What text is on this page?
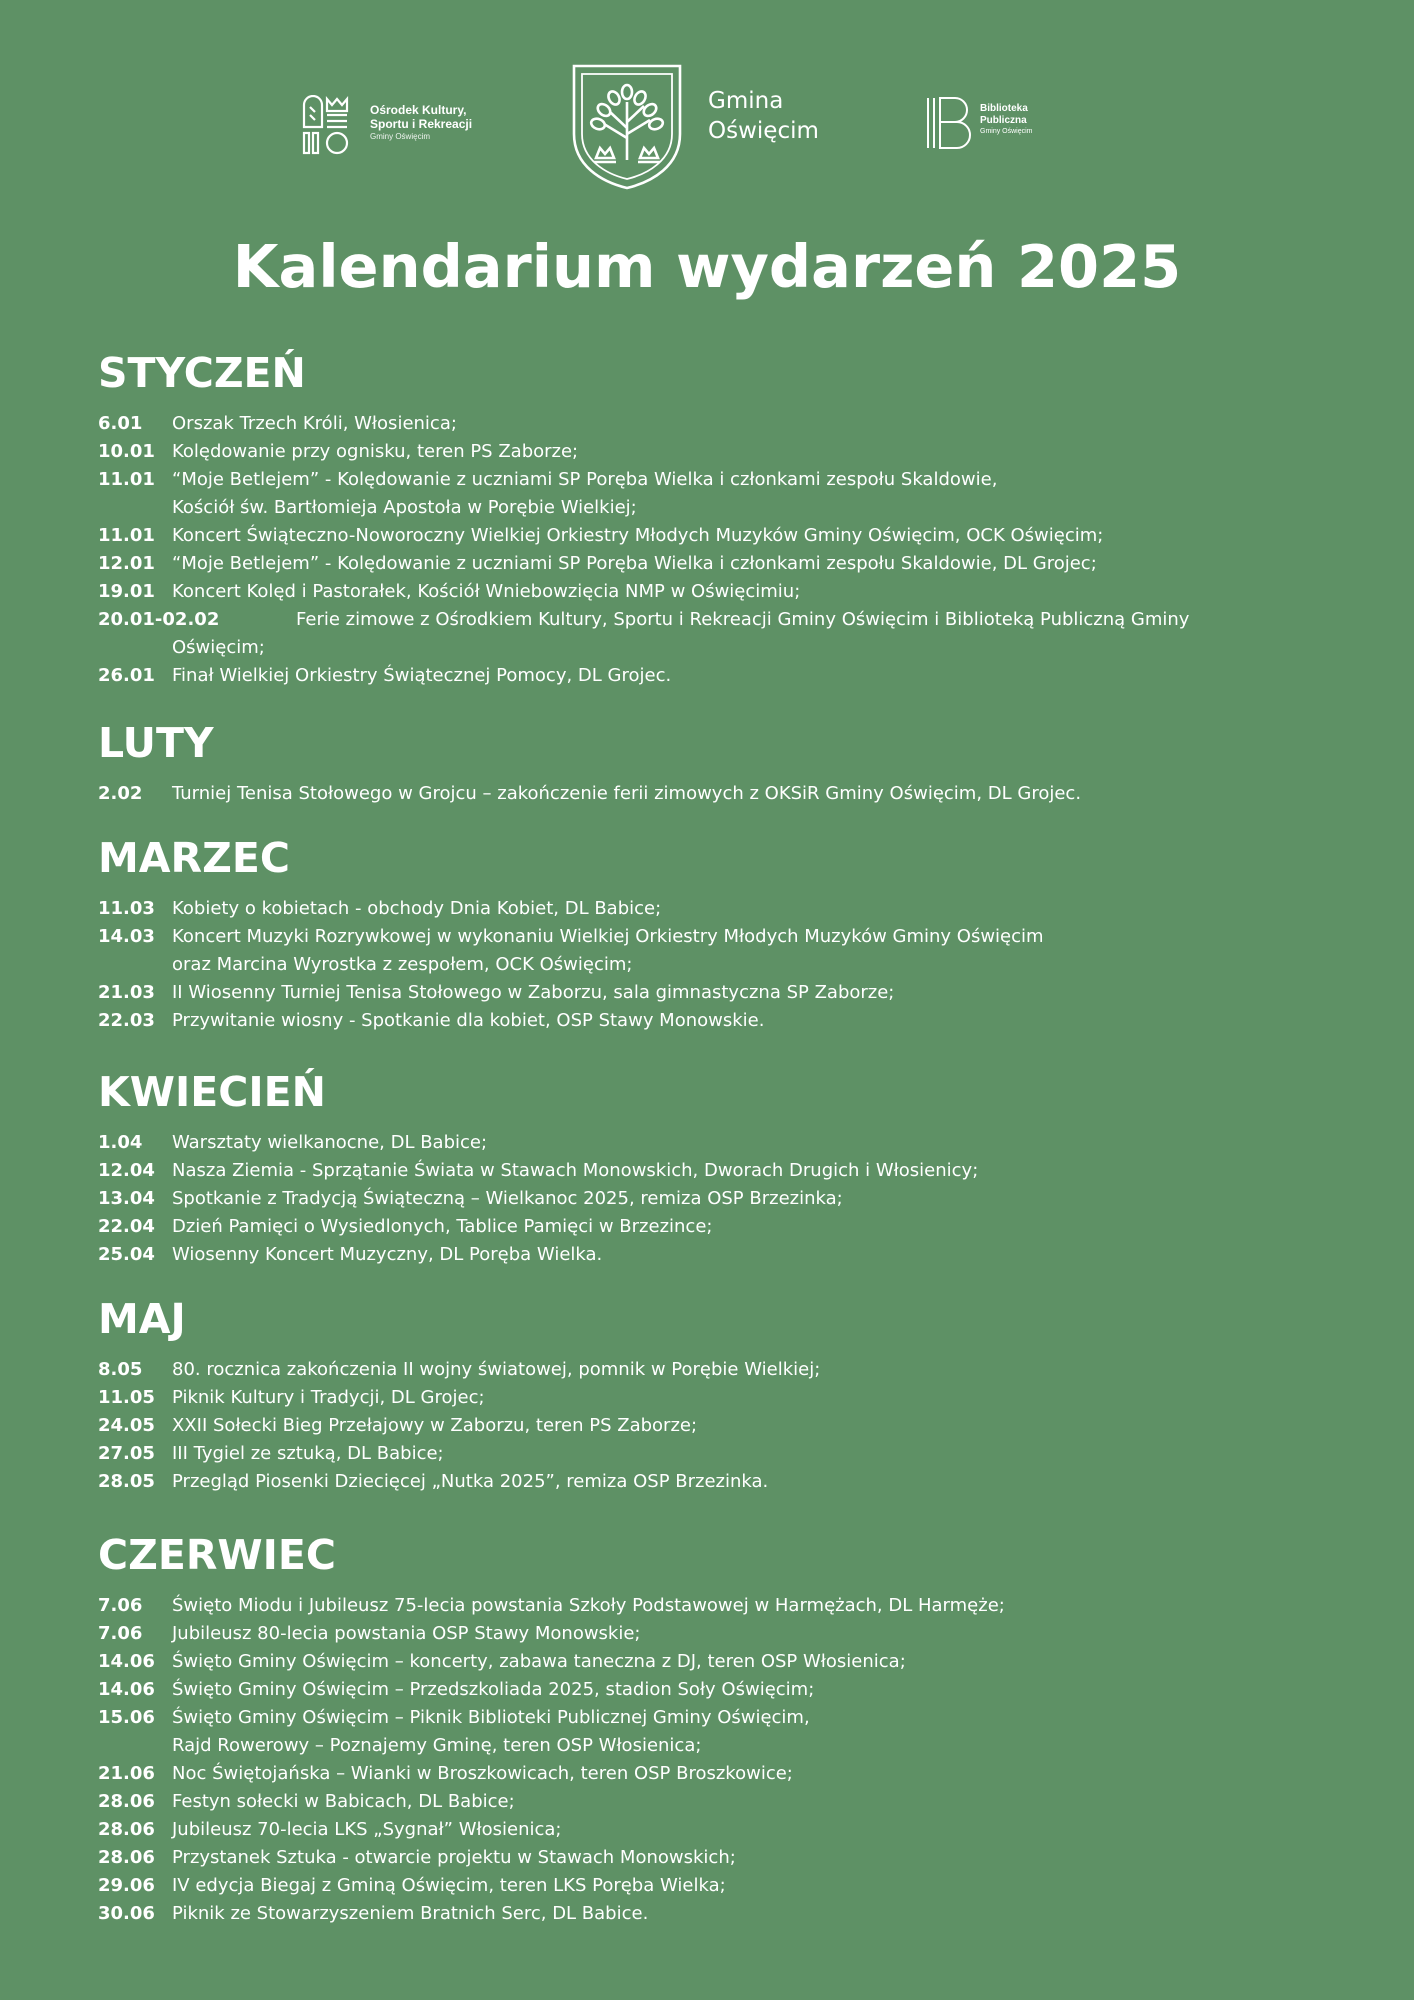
Ośrodek Kultury,
Sportu i Rekreacji
Gminy Oświęcim
Gmina
Oświęcim
Biblioteka
Publiczna
Gminy Oświęcim
Kalendarium wydarzeń 2025
STYCZEŃ
6.01	Orszak Trzech Króli, Włosienica;
10.01 Kolędowanie przy ognisku, teren PS Zaborze;
11.01 “Moje Betlejem” - Kolędowanie z uczniami SP Poręba Wielka i członkami zespołu Skaldowie,
Kościół św. Bartłomieja Apostoła w Porębie Wielkiej;
11.01 Koncert Świąteczno-Noworoczny Wielkiej Orkiestry Młodych Muzyków Gminy Oświęcim, OCK Oświęcim;
12.01 “Moje Betlejem” - Kolędowanie z uczniami SP Poręba Wielka i członkami zespołu Skaldowie, DL Grojec;
19.01 Koncert Kolęd i Pastorałek, Kościół Wniebowzięcia NMP w Oświęcimiu;
20.01-02.02	Ferie zimowe z Ośrodkiem Kultury, Sportu i Rekreacji Gminy Oświęcim i Biblioteką Publiczną Gminy
Oświęcim;
26.01 Finał Wielkiej Orkiestry Świątecznej Pomocy, DL Grojec.
LUTY
2.02	Turniej Tenisa Stołowego w Grojcu – zakończenie ferii zimowych z OKSiR Gminy Oświęcim, DL Grojec.
MARZEC
11.03 Kobiety o kobietach - obchody Dnia Kobiet, DL Babice;
14.03 Koncert Muzyki Rozrywkowej w wykonaniu Wielkiej Orkiestry Młodych Muzyków Gminy Oświęcim
oraz Marcina Wyrostka z zespołem, OCK Oświęcim;
21.03 II Wiosenny Turniej Tenisa Stołowego w Zaborzu, sala gimnastyczna SP Zaborze;
22.03 Przywitanie wiosny - Spotkanie dla kobiet, OSP Stawy Monowskie.
KWIECIEŃ
1.04	Warsztaty wielkanocne, DL Babice;
12.04 Nasza Ziemia - Sprzątanie Świata w Stawach Monowskich, Dworach Drugich i Włosienicy;
13.04 Spotkanie z Tradycją Świąteczną – Wielkanoc 2025, remiza OSP Brzezinka;
22.04 Dzień Pamięci o Wysiedlonych, Tablice Pamięci w Brzezince;
25.04 Wiosenny Koncert Muzyczny, DL Poręba Wielka.
MAJ
8.05	80. rocznica zakończenia II wojny światowej, pomnik w Porębie Wielkiej;
11.05 Piknik Kultury i Tradycji, DL Grojec;
24.05 XXII Sołecki Bieg Przełajowy w Zaborzu, teren PS Zaborze;
27.05 III Tygiel ze sztuką, DL Babice;
28.05 Przegląd Piosenki Dziecięcej „Nutka 2025”, remiza OSP Brzezinka.
CZERWIEC
7.06	Święto Miodu i Jubileusz 75-lecia powstania Szkoły Podstawowej w Harmężach, DL Harmęże;
7.06	Jubileusz 80-lecia powstania OSP Stawy Monowskie;
14.06 Święto Gminy Oświęcim – koncerty, zabawa taneczna z DJ, teren OSP Włosienica;
14.06 Święto Gminy Oświęcim – Przedszkoliada 2025, stadion Soły Oświęcim;
15.06 Święto Gminy Oświęcim – Piknik Biblioteki Publicznej Gminy Oświęcim,
Rajd Rowerowy – Poznajemy Gminę, teren OSP Włosienica;
21.06 Noc Świętojańska – Wianki w Broszkowicach, teren OSP Broszkowice;
28.06 Festyn sołecki w Babicach, DL Babice;
28.06 Jubileusz 70-lecia LKS „Sygnał” Włosienica;
28.06 Przystanek Sztuka - otwarcie projektu w Stawach Monowskich;
29.06 IV edycja Biegaj z Gminą Oświęcim, teren LKS Poręba Wielka;
30.06 Piknik ze Stowarzyszeniem Bratnich Serc, DL Babice.
